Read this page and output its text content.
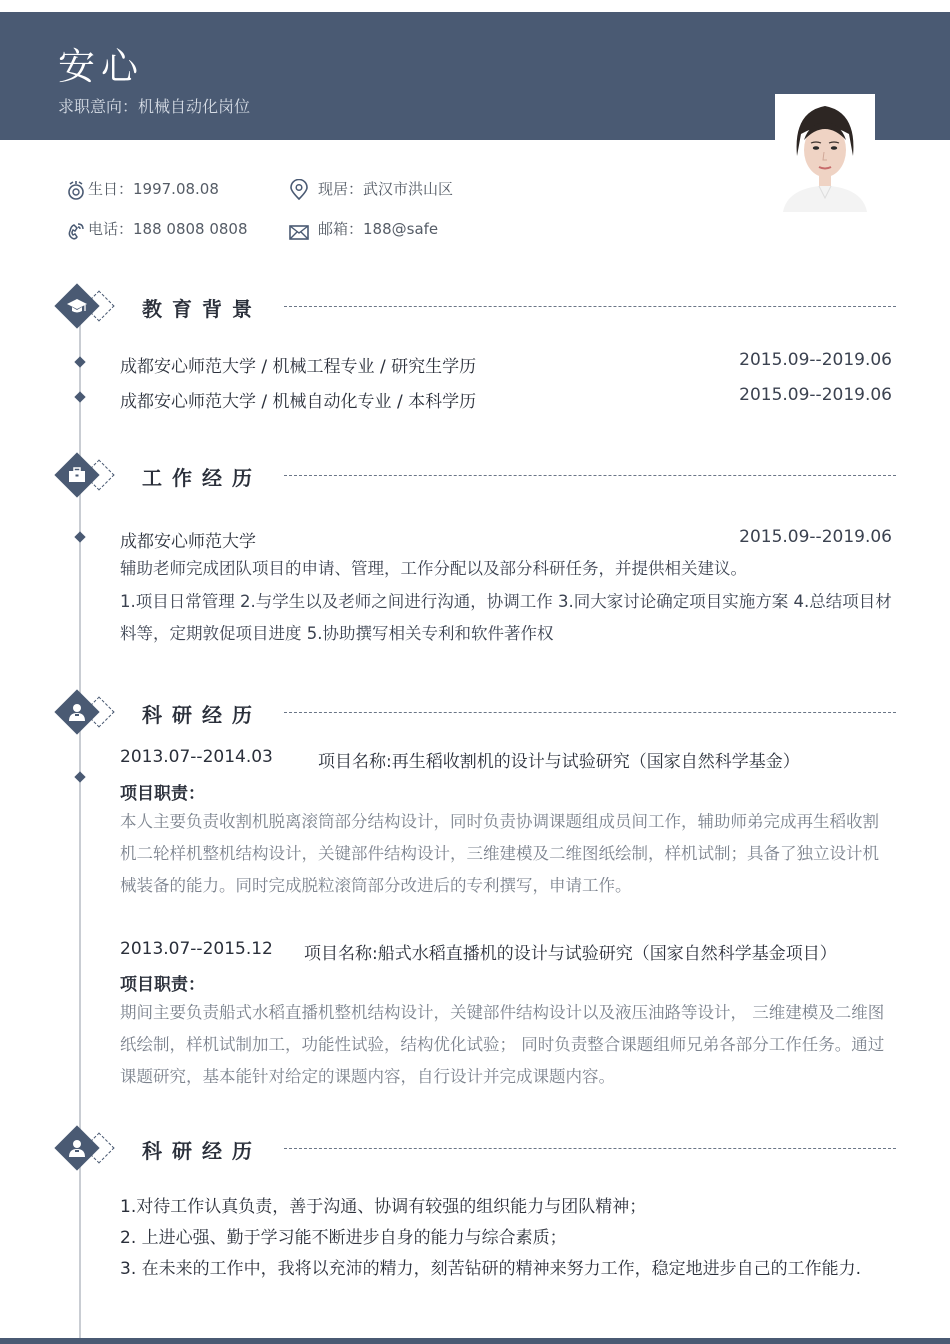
安心
求职意向：机械自动化岗位
生日：1997.08.08	现居：武汉市洪山区
电话：188 0808 0808	邮箱：188@safe
教育背景
成都安心师范大学 / 机械工程专业 / 研究生学历	2015.09--2019.06
成都安心师范大学 / 机械自动化专业 / 本科学历	2015.09--2019.06
工作经历
成都安心师范大学	2015.09--2019.06
辅助老师完成团队项目的申请、管理，工作分配以及部分科研任务，并提供相关建议。
1.项目日常管理 2.与学生以及老师之间进行沟通，协调工作 3.同大家讨论确定项目实施方案 4.总结项目材料等，定期敦促项目进度 5.协助撰写相关专利和软件著作权
科研经历
2013.07--2014.03	项目名称:再生稻收割机的设计与试验研究（国家自然科学基金）
项目职责：
本人主要负责收割机脱离滚筒部分结构设计，同时负责协调课题组成员间工作，辅助师弟完成再生稻收割机二轮样机整机结构设计，关键部件结构设计，三维建模及二维图纸绘制，样机试制；具备了独立设计机械装备的能力。同时完成脱粒滚筒部分改进后的专利撰写，申请工作。
2013.07--2015.12 项目名称:船式水稻直播机的设计与试验研究（国家自然科学基金项目）
项目职责：
期间主要负责船式水稻直播机整机结构设计，关键部件结构设计以及液压油路等设计， 三维建模及二维图纸绘制，样机试制加工，功能性试验，结构优化试验； 同时负责整合课题组师兄弟各部分工作任务。通过课题研究，基本能针对给定的课题内容，自行设计并完成课题内容。
科研经历
1.对待工作认真负责，善于沟通、协调有较强的组织能力与团队精神；
2. 上进心强、勤于学习能不断进步自身的能力与综合素质；
3. 在未来的工作中，我将以充沛的精力，刻苦钻研的精神来努力工作，稳定地进步自己的工作能力.
